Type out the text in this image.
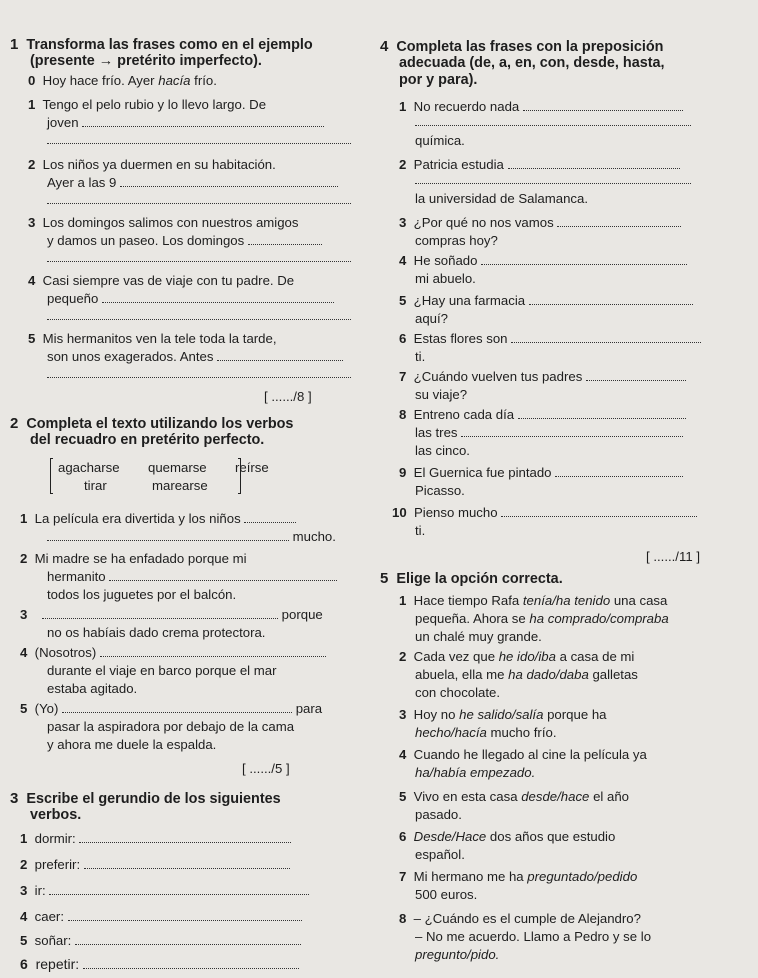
1 Transforma las frases como en el ejemplo
(presente → pretérito imperfecto).
0 Hoy hace frío. Ayer hacía frío.
1 Tengo el pelo rubio y lo llevo largo. De
joven
2 Los niños ya duermen en su habitación.
Ayer a las 9
3 Los domingos salimos con nuestros amigos
y damos un paseo. Los domingos
4 Casi siempre vas de viaje con tu padre. De
pequeño
5 Mis hermanitos ven la tele toda la tarde,
son unos exagerados. Antes
[ ....../8 ]
2 Completa el texto utilizando los verbos
del recuadro en pretérito perfecto.
agacharse quemarse reírse
tirar	marearse
1 La película era divertida y los niños
mucho.
2 Mi madre se ha enfadado porque mi
hermanito
todos los juguetes por el balcón.
3	porque
no os habíais dado crema protectora.
4 (Nosotros)
durante el viaje en barco porque el mar
estaba agitado.
5 (Yo)	para
pasar la aspiradora por debajo de la cama
y ahora me duele la espalda.
[ ....../5 ]
3 Escribe el gerundio de los siguientes
verbos.
1 dormir:
2 preferir:
3 ir:
4 caer:
5 soñar:
6 repetir:
4 Completa las frases con la preposición
adecuada (de, a, en, con, desde, hasta,
por y para).
1 No recuerdo nada
química.
2 Patricia estudia
la universidad de Salamanca.
3 ¿Por qué no nos vamos
compras hoy?
4 He soñado
mi abuelo.
5 ¿Hay una farmacia
aquí?
6 Estas flores son
ti.
7 ¿Cuándo vuelven tus padres
su viaje?
8 Entreno cada día
las tres
las cinco.
9 El Guernica fue pintado
Picasso.
10 Pienso mucho
ti.
[ ....../11 ]
5 Elige la opción correcta.
1 Hace tiempo Rafa tenía/ha tenido una casa
pequeña. Ahora se ha comprado/compraba
un chalé muy grande.
2 Cada vez que he ido/iba a casa de mi
abuela, ella me ha dado/daba galletas
con chocolate.
3 Hoy no he salido/salía porque ha
hecho/hacía mucho frío.
4 Cuando he llegado al cine la película ya
ha/había empezado.
5 Vivo en esta casa desde/hace el año
pasado.
6 Desde/Hace dos años que estudio
español.
7 Mi hermano me ha preguntado/pedido
500 euros.
8 – ¿Cuándo es el cumple de Alejandro?
– No me acuerdo. Llamo a Pedro y se lo
pregunto/pido.
